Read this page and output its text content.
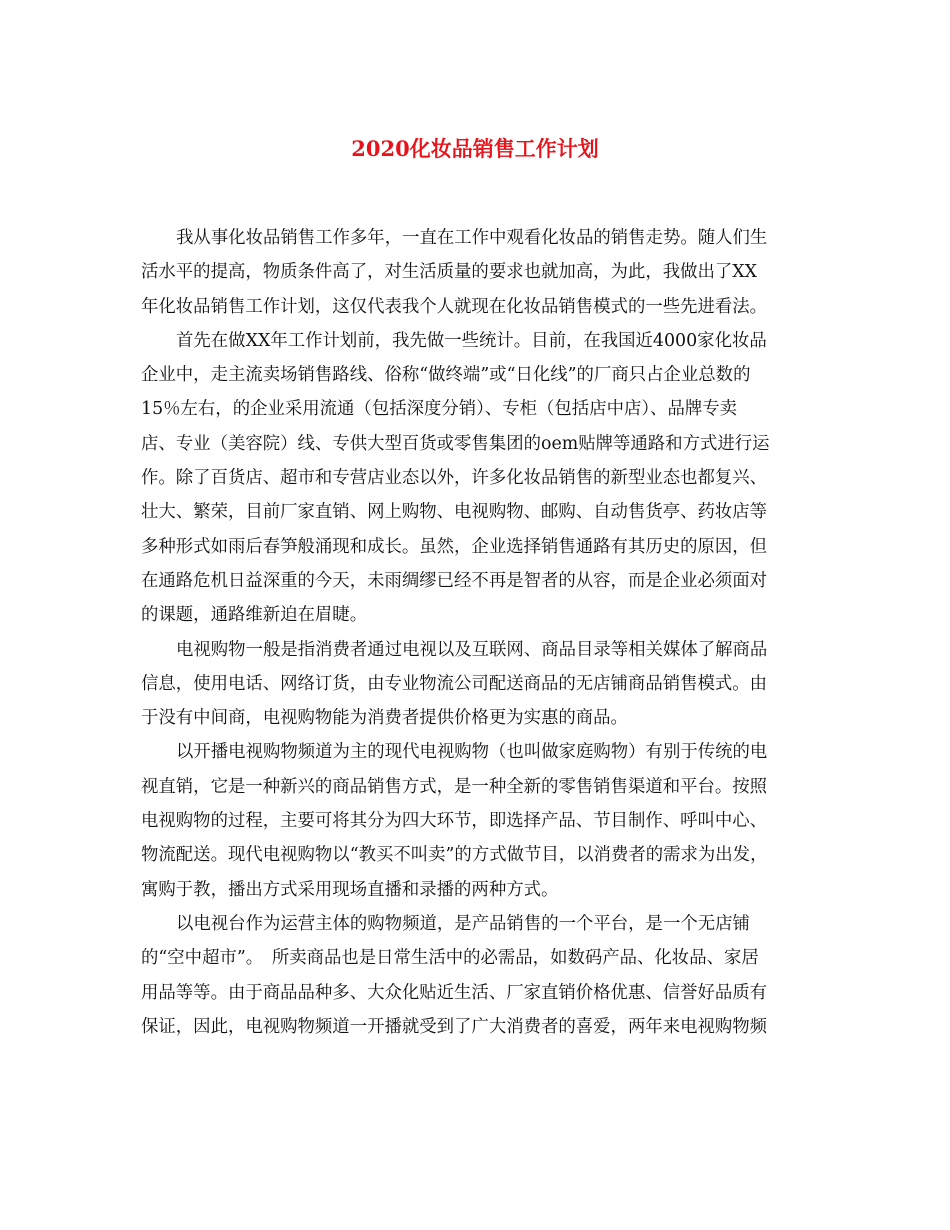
2020化妆品销售工作计划
我从事化妆品销售工作多年，一直在工作中观看化妆品的销售走势。随人们生
活水平的提高，物质条件高了，对生活质量的要求也就加高，为此，我做出了XX
年化妆品销售工作计划，这仅代表我个人就现在化妆品销售模式的一些先进看法。
首先在做XX年工作计划前，我先做一些统计。目前，在我国近4000家化妆品
企业中，走主流卖场销售路线、俗称“做终端”或“日化线”的厂商只占企业总数的
15％左右，的企业采用流通（包括深度分销）、专柜（包括店中店）、品牌专卖
店、专业（美容院）线、专供大型百货或零售集团的oem贴牌等通路和方式进行运
作。除了百货店、超市和专营店业态以外，许多化妆品销售的新型业态也都复兴、
壮大、繁荣，目前厂家直销、网上购物、电视购物、邮购、自动售货亭、药妆店等
多种形式如雨后春笋般涌现和成长。虽然，企业选择销售通路有其历史的原因，但
在通路危机日益深重的今天，未雨绸缪已经不再是智者的从容，而是企业必须面对
的课题，通路维新迫在眉睫。
电视购物一般是指消费者通过电视以及互联网、商品目录等相关媒体了解商品
信息，使用电话、网络订货，由专业物流公司配送商品的无店铺商品销售模式。由
于没有中间商，电视购物能为消费者提供价格更为实惠的商品。
以开播电视购物频道为主的现代电视购物（也叫做家庭购物）有别于传统的电
视直销，它是一种新兴的商品销售方式，是一种全新的零售销售渠道和平台。按照
电视购物的过程，主要可将其分为四大环节，即选择产品、节目制作、呼叫中心、
物流配送。现代电视购物以“教买不叫卖”的方式做节目，以消费者的需求为出发，
寓购于教，播出方式采用现场直播和录播的两种方式。
以电视台作为运营主体的购物频道，是产品销售的一个平台，是一个无店铺
的“空中超市”。　所卖商品也是日常生活中的必需品，如数码产品、化妆品、家居
用品等等。由于商品品种多、大众化贴近生活、厂家直销价格优惠、信誉好品质有
保证，因此，电视购物频道一开播就受到了广大消费者的喜爱，两年来电视购物频
